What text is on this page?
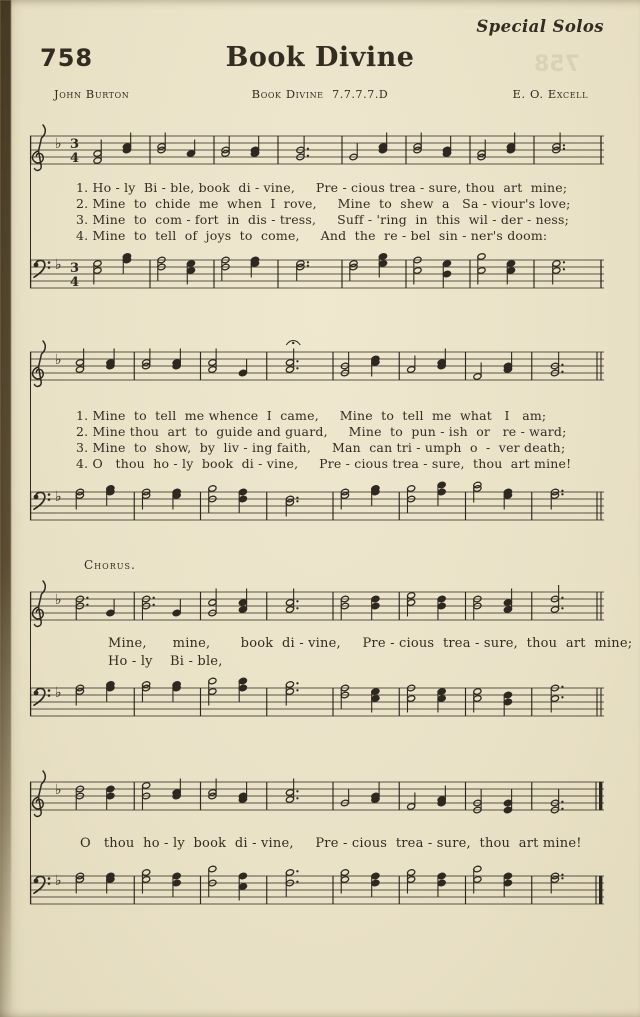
758
Special Solos
758	Book Divine
John Burton	Book Divine 7.7.7.7.D	E. O. Excell
♭ 3
4
♭ 3
4
1. Ho - ly  Bi - ble, book  di - vine,     Pre - cious trea - sure, thou  art  mine;
2. Mine  to  chide  me  when  I  rove,     Mine  to  shew  a   Sa - viour's love;
3. Mine  to  com - fort  in  dis - tress,     Suff - 'ring  in  this  wil - der - ness;
4. Mine  to  tell  of  joys  to  come,     And  the  re - bel  sin - ner's doom:
♭
♭
1. Mine  to  tell  me whence  I  came,     Mine  to  tell  me  what   I   am;
2. Mine thou  art  to  guide and guard,     Mine  to  pun - ish  or   re - ward;
3. Mine  to  show,  by  liv - ing faith,     Man  can tri - umph  o  -  ver death;
4. O   thou  ho - ly  book  di - vine,     Pre - cious trea - sure,  thou  art mine!
Chorus.
♭
♭
Mine,      mine,       book  di - vine,     Pre - cious  trea - sure,  thou  art  mine;
Ho - ly    Bi - ble,
♭
♭
O   thou  ho - ly  book  di - vine,     Pre - cious  trea - sure,  thou  art mine!
